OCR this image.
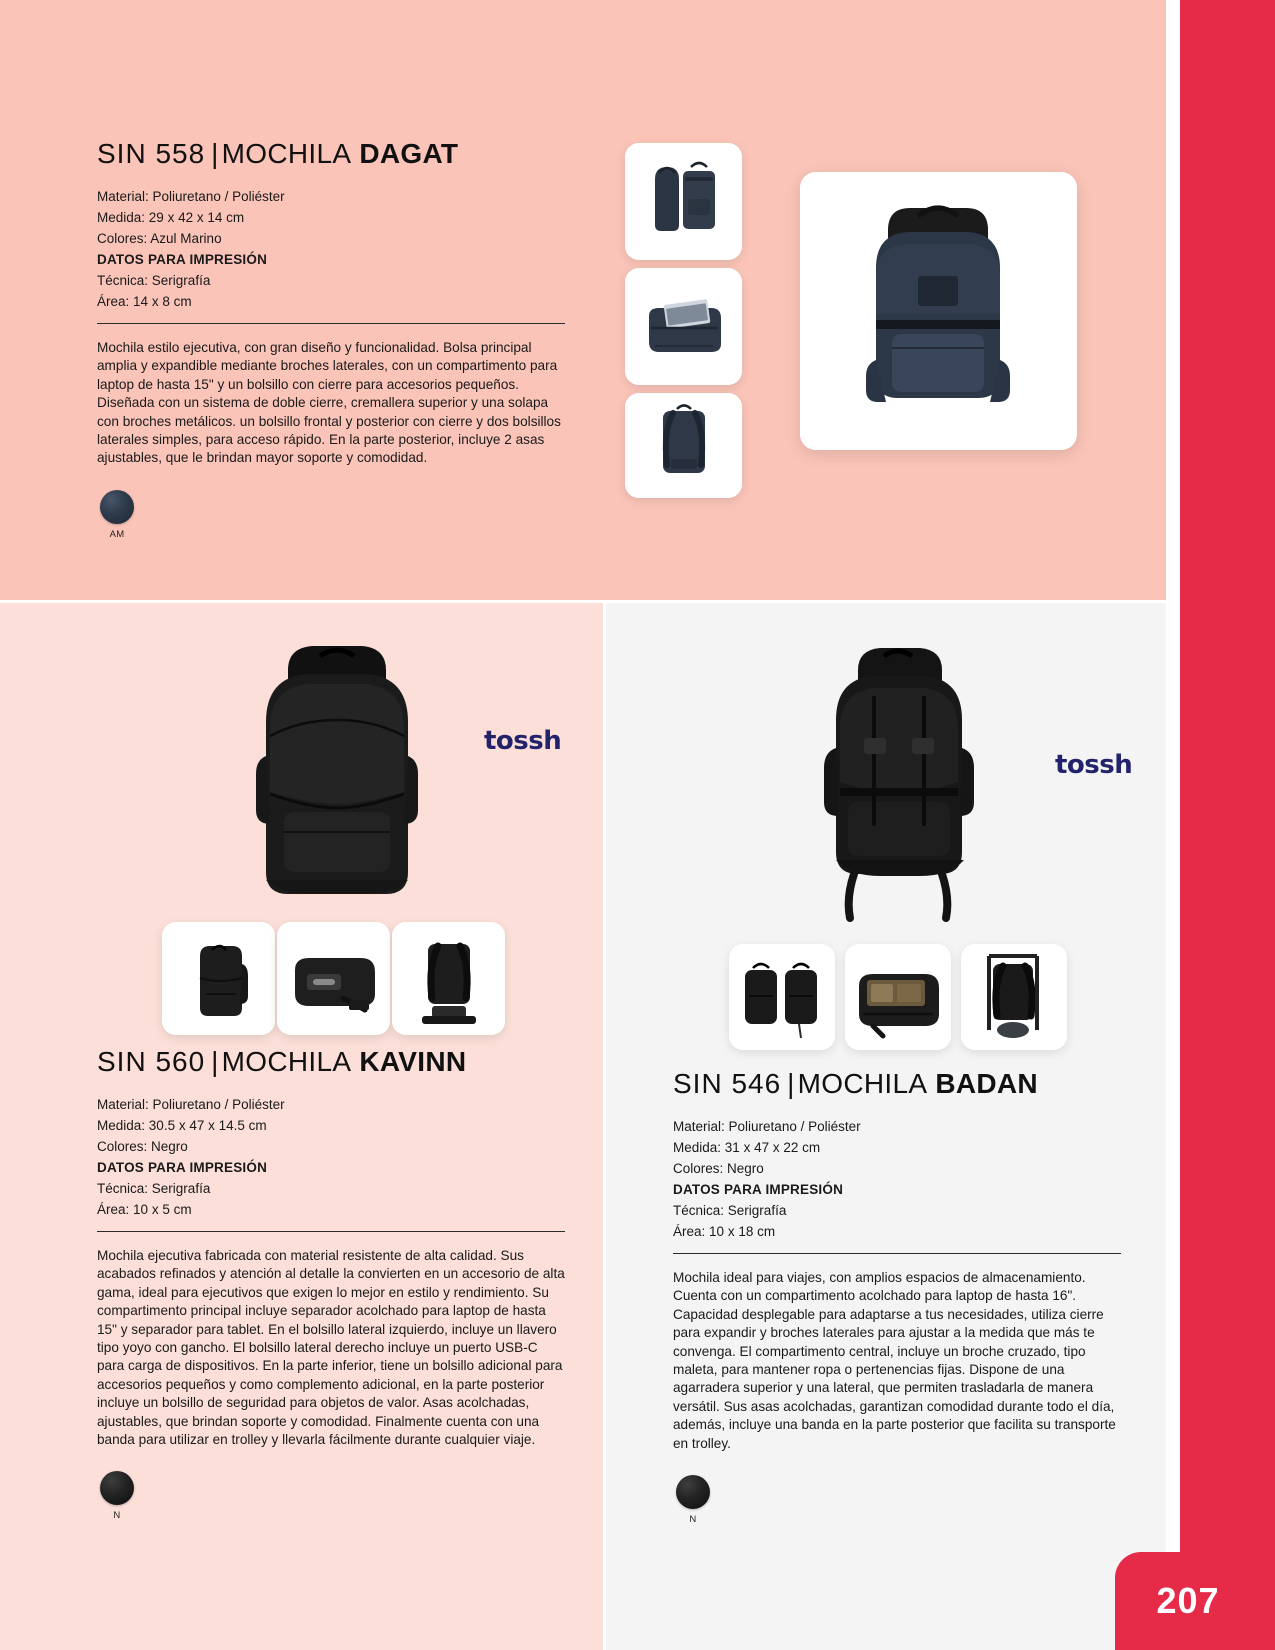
SIN 558 | MOCHILA DAGAT
Material: Poliuretano / Poliéster
Medida: 29 x 42 x 14 cm
Colores: Azul Marino
DATOS PARA IMPRESIÓN
Técnica: Serigrafía
Área: 14 x 8 cm
Mochila estilo ejecutiva, con gran diseño y funcionalidad. Bolsa principal amplia y expandible mediante broches laterales, con un compartimento para laptop de hasta 15" y un bolsillo con cierre para accesorios pequeños. Diseñada con un sistema de doble cierre, cremallera superior y una solapa con broches metálicos. un bolsillo frontal y posterior con cierre y dos bolsillos laterales simples, para acceso rápido. En la parte posterior, incluye 2 asas ajustables, que le brindan mayor soporte y comodidad.
AM
tossh
SIN 560 | MOCHILA KAVINN
Material: Poliuretano / Poliéster
Medida: 30.5 x 47 x 14.5 cm
Colores: Negro
DATOS PARA IMPRESIÓN
Técnica: Serigrafía
Área: 10 x 5 cm
Mochila ejecutiva fabricada con material resistente de alta calidad. Sus acabados refinados y atención al detalle la convierten en un accesorio de alta gama, ideal para ejecutivos que exigen lo mejor en estilo y rendimiento. Su compartimento principal incluye separador acolchado para laptop de hasta 15" y separador para tablet. En el bolsillo lateral izquierdo, incluye un llavero tipo yoyo con gancho. El bolsillo lateral derecho incluye un puerto USB-C para carga de dispositivos. En la parte inferior, tiene un bolsillo adicional para accesorios pequeños y como complemento adicional, en la parte posterior incluye un bolsillo de seguridad para objetos de valor. Asas acolchadas, ajustables, que brindan soporte y comodidad. Finalmente cuenta con una banda para utilizar en trolley y llevarla fácilmente durante cualquier viaje.
N
tossh
SIN 546 | MOCHILA BADAN
Material: Poliuretano / Poliéster
Medida: 31 x 47 x 22 cm
Colores: Negro
DATOS PARA IMPRESIÓN
Técnica: Serigrafía
Área: 10 x 18 cm
Mochila ideal para viajes, con amplios espacios de almacenamiento. Cuenta con un compartimento acolchado para laptop de hasta 16". Capacidad desplegable para adaptarse a tus necesidades, utiliza cierre para expandir y broches laterales para ajustar a la medida que más te convenga. El compartimento central, incluye un broche cruzado, tipo maleta, para mantener ropa o pertenencias fijas. Dispone de una agarradera superior y una lateral, que permiten trasladarla de manera versátil. Sus asas acolchadas, garantizan comodidad durante todo el día, además, incluye una banda en la parte posterior que facilita su transporte en trolley.
N
207
